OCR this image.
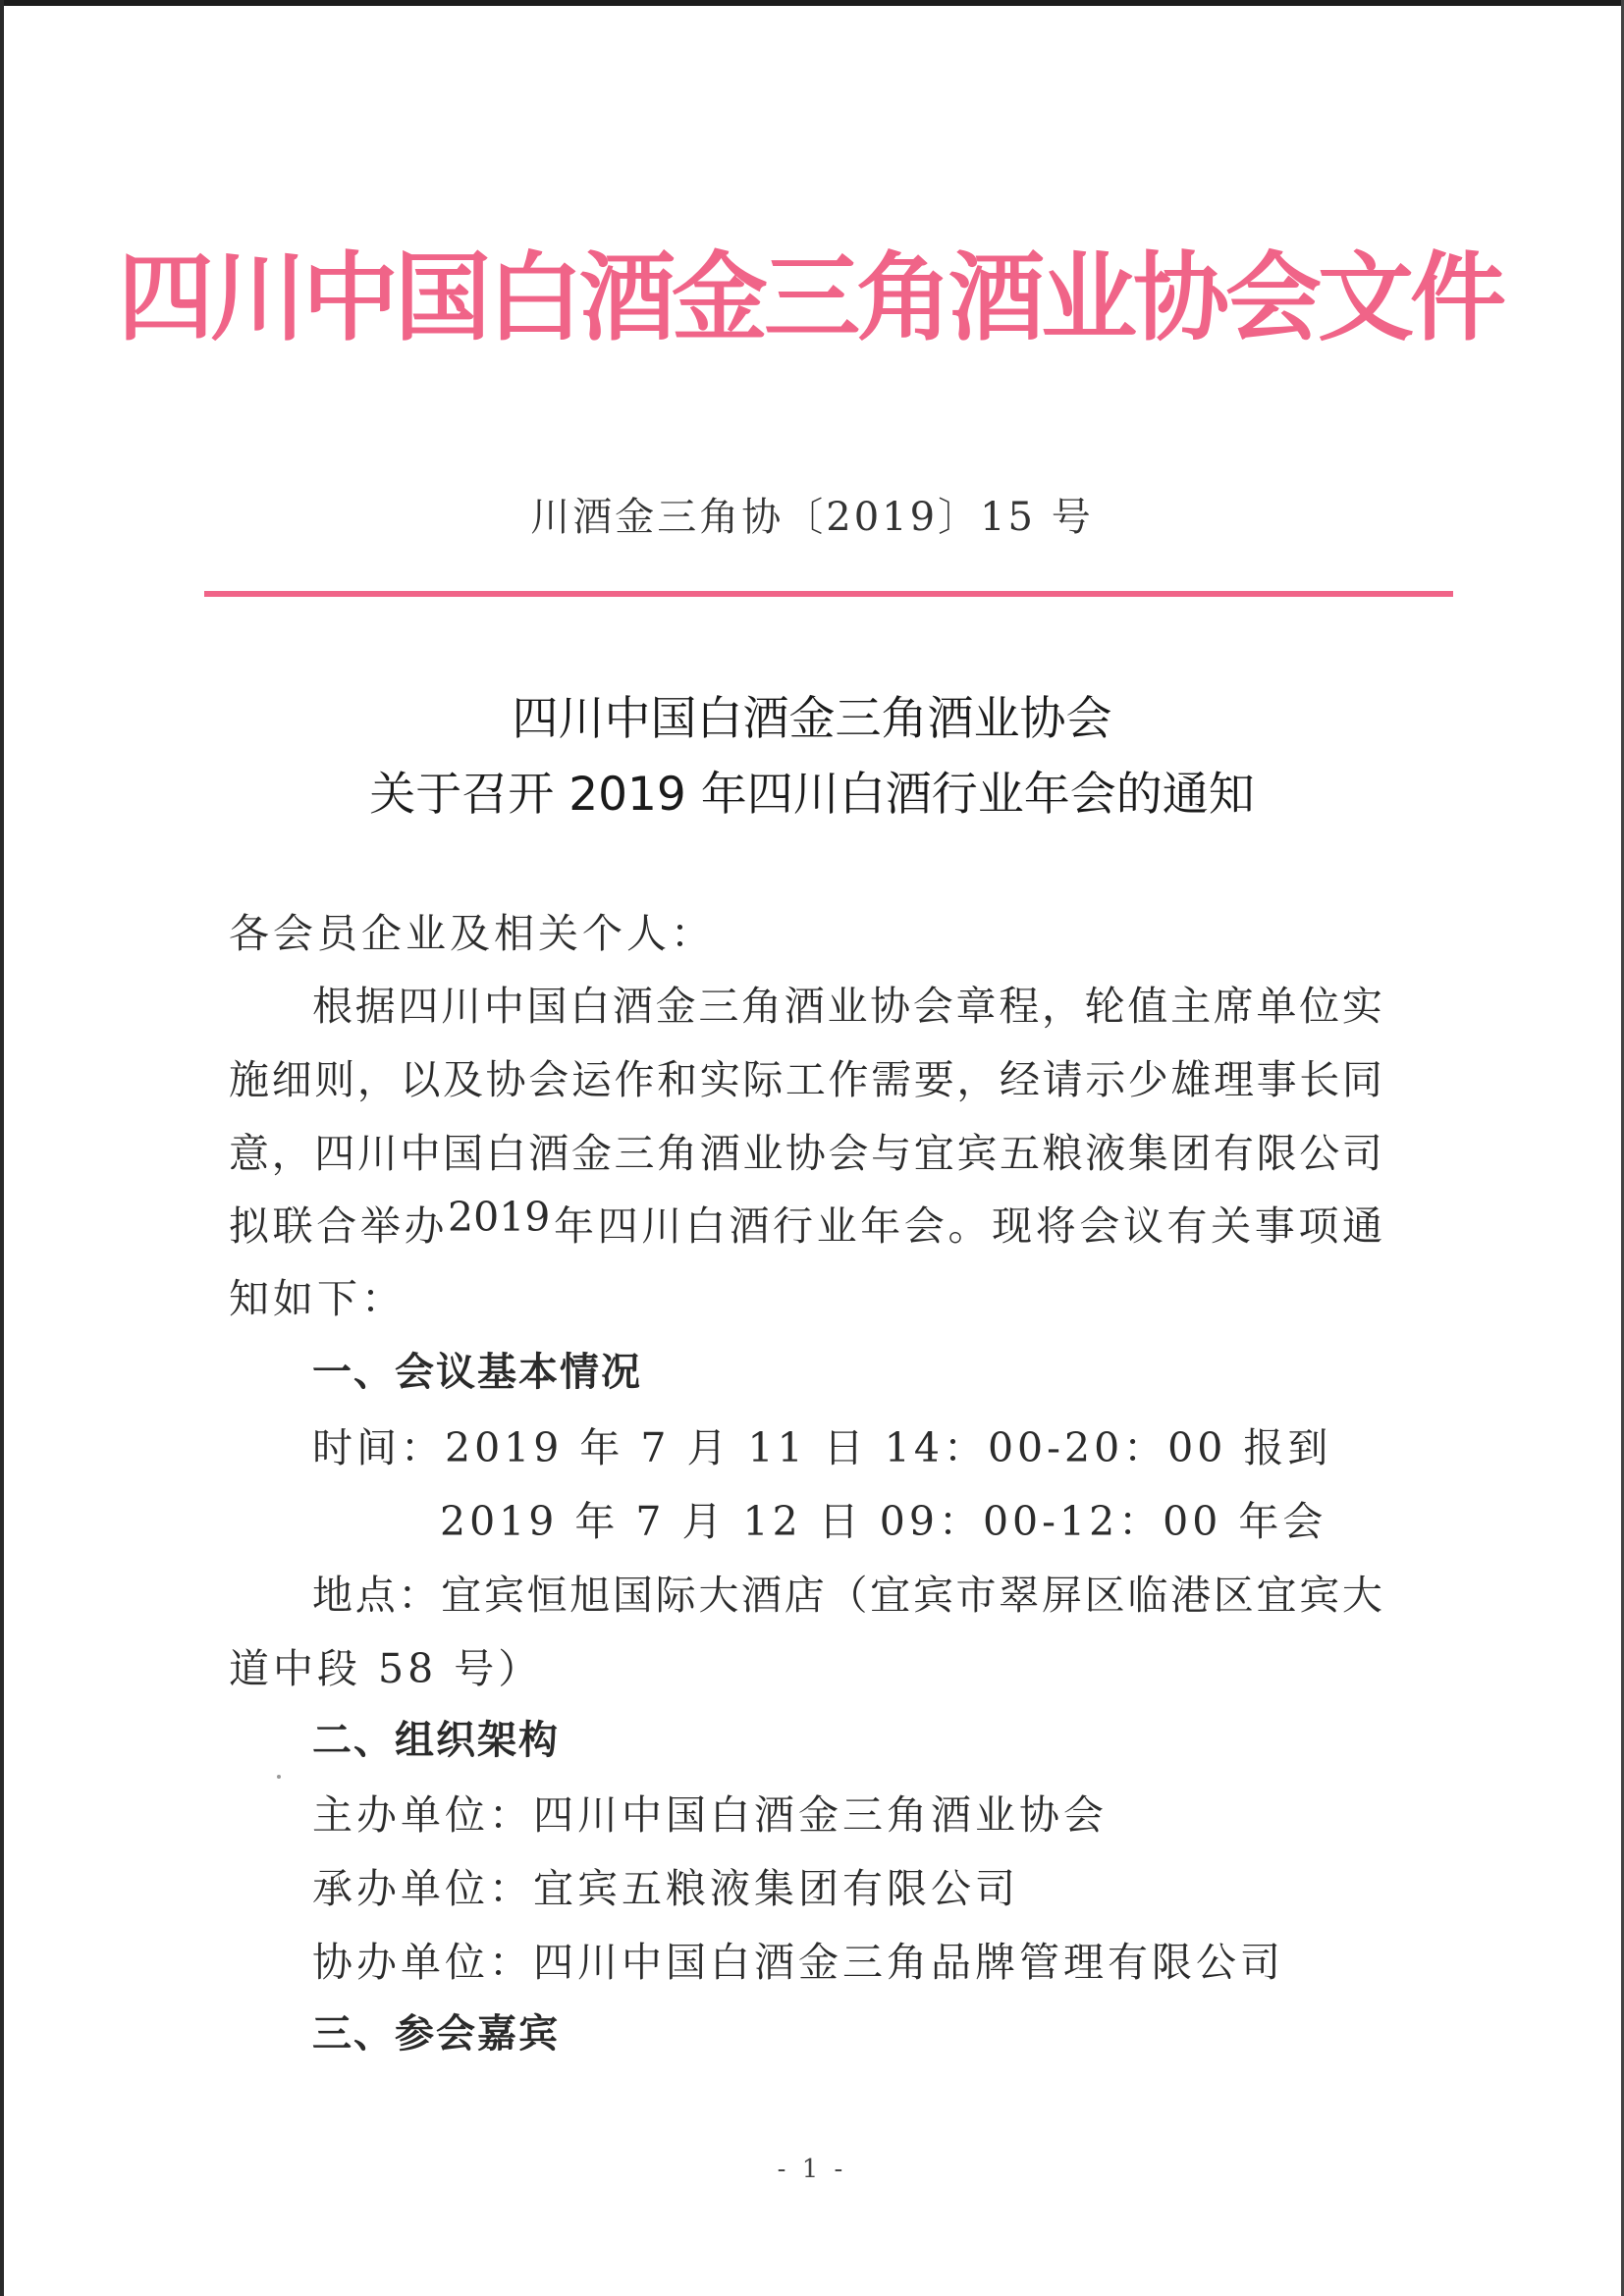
四川中国白酒金三角酒业协会文件
川酒金三角协〔2019〕15 号
四川中国白酒金三角酒业协会
关于召开 2019 年四川白酒行业年会的通知
各会员企业及相关个人：
根 据 四 川 中 国 白 酒 金 三 角 酒 业 协 会 章 程 ， 轮 值 主 席 单 位 实
施 细 则 ， 以 及 协 会 运 作 和 实 际 工 作 需 要 ， 经 请 示 少 雄 理 事 长 同
意 ， 四 川 中 国 白 酒 金 三 角 酒 业 协 会 与 宜 宾 五 粮 液 集 团 有 限 公 司
拟 联 合 举 办 2019 年 四 川 白 酒 行 业 年 会 。 现 将 会 议 有 关 事 项 通
知如下：
一、会议基本情况
时间：2019 年 7 月 11 日 14：00-20：00 报到
2019 年 7 月 12 日 09：00-12：00 年会
地 点 ： 宜 宾 恒 旭 国 际 大 酒 店 （ 宜 宾 市 翠 屏 区 临 港 区 宜 宾 大
道中段 58 号）
二、组织架构
主办单位：四川中国白酒金三角酒业协会
承办单位：宜宾五粮液集团有限公司
协办单位：四川中国白酒金三角品牌管理有限公司
三、参会嘉宾
- 1 -
